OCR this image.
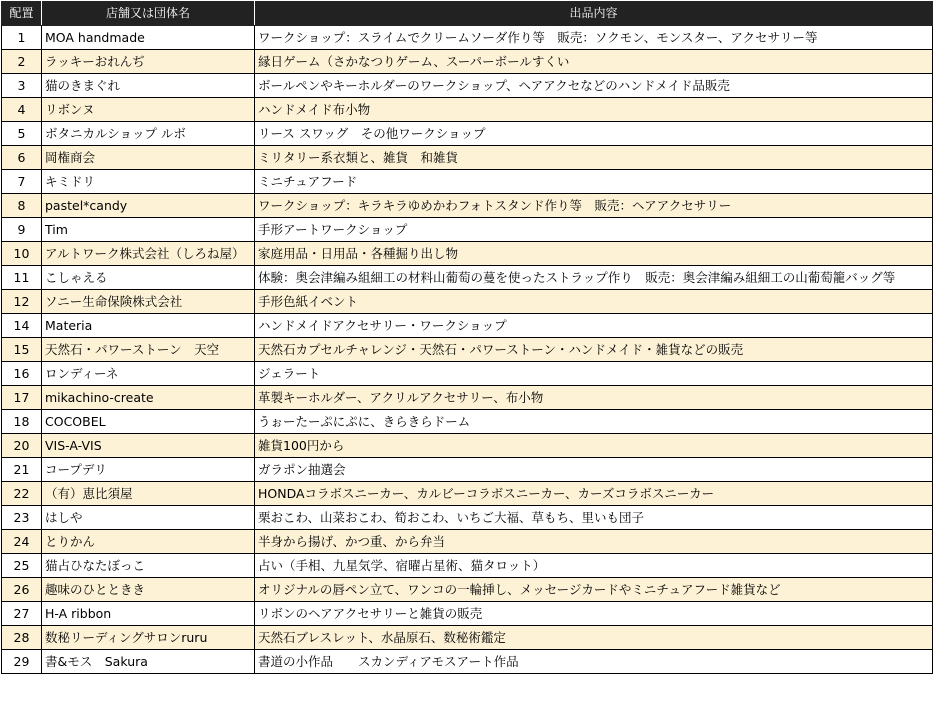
配置	店舗又は団体名	出品内容
1	MOA handmade	ワークショップ：スライムでクリームソーダ作り等　販売：ソクモン、モンスター、アクセサリー等
2	ラッキーおれんぢ	縁日ゲーム（さかなつりゲーム、スーパーボールすくい
3	猫のきまぐれ	ボールペンやキーホルダーのワークショップ、ヘアアクセなどのハンドメイド品販売
4	リボンヌ	ハンドメイド布小物
5	ボタニカルショップ ルボ	リース スワッグ　その他ワークショップ
6	岡権商会	ミリタリー系衣類と、雑貨　和雑貨
7	キミドリ	ミニチュアフード
8	pastel*candy	ワークショップ：キラキラゆめかわフォトスタンド作り等　販売：ヘアアクセサリー
9	Tim	手形アートワークショップ
10	アルトワーク株式会社（しろね屋）	家庭用品・日用品・各種掘り出し物
11	こしゃえる	体験：奥会津編み組細工の材料山葡萄の蔓を使ったストラップ作り　販売：奥会津編み組細工の山葡萄籠バッグ等
12	ソニー生命保険株式会社	手形色紙イベント
14	Materia	ハンドメイドアクセサリー・ワークショップ
15	天然石・パワーストーン　天空	天然石カプセルチャレンジ・天然石・パワーストーン・ハンドメイド・雑貨などの販売
16	ロンディーネ	ジェラート
17	mikachino-create	革製キーホルダー、アクリルアクセサリー、布小物
18	COCOBEL	うぉーたーぷにぷに、きらきらドーム
20	VIS-A-VIS	雑貨100円から
21	コープデリ	ガラポン抽選会
22	（有）恵比須屋	HONDAコラボスニーカー、カルビーコラボスニーカー、カーズコラボスニーカー
23	はしや	栗おこわ、山菜おこわ、筍おこわ、いちご大福、草もち、里いも団子
24	とりかん	半身から揚げ、かつ重、から弁当
25	猫占ひなたぼっこ	占い（手相、九星気学、宿曜占星術、猫タロット）
26	趣味のひとときき	オリジナルの唇ペン立て、ワンコの一輪挿し、メッセージカードやミニチュアフード雑貨など
27	H-A ribbon	リボンのヘアアクセサリーと雑貨の販売
28	数秘リーディングサロンruru	天然石ブレスレット、水晶原石、数秘術鑑定
29	書&モス　Sakura	書道の小作品　　スカンディアモスアート作品
